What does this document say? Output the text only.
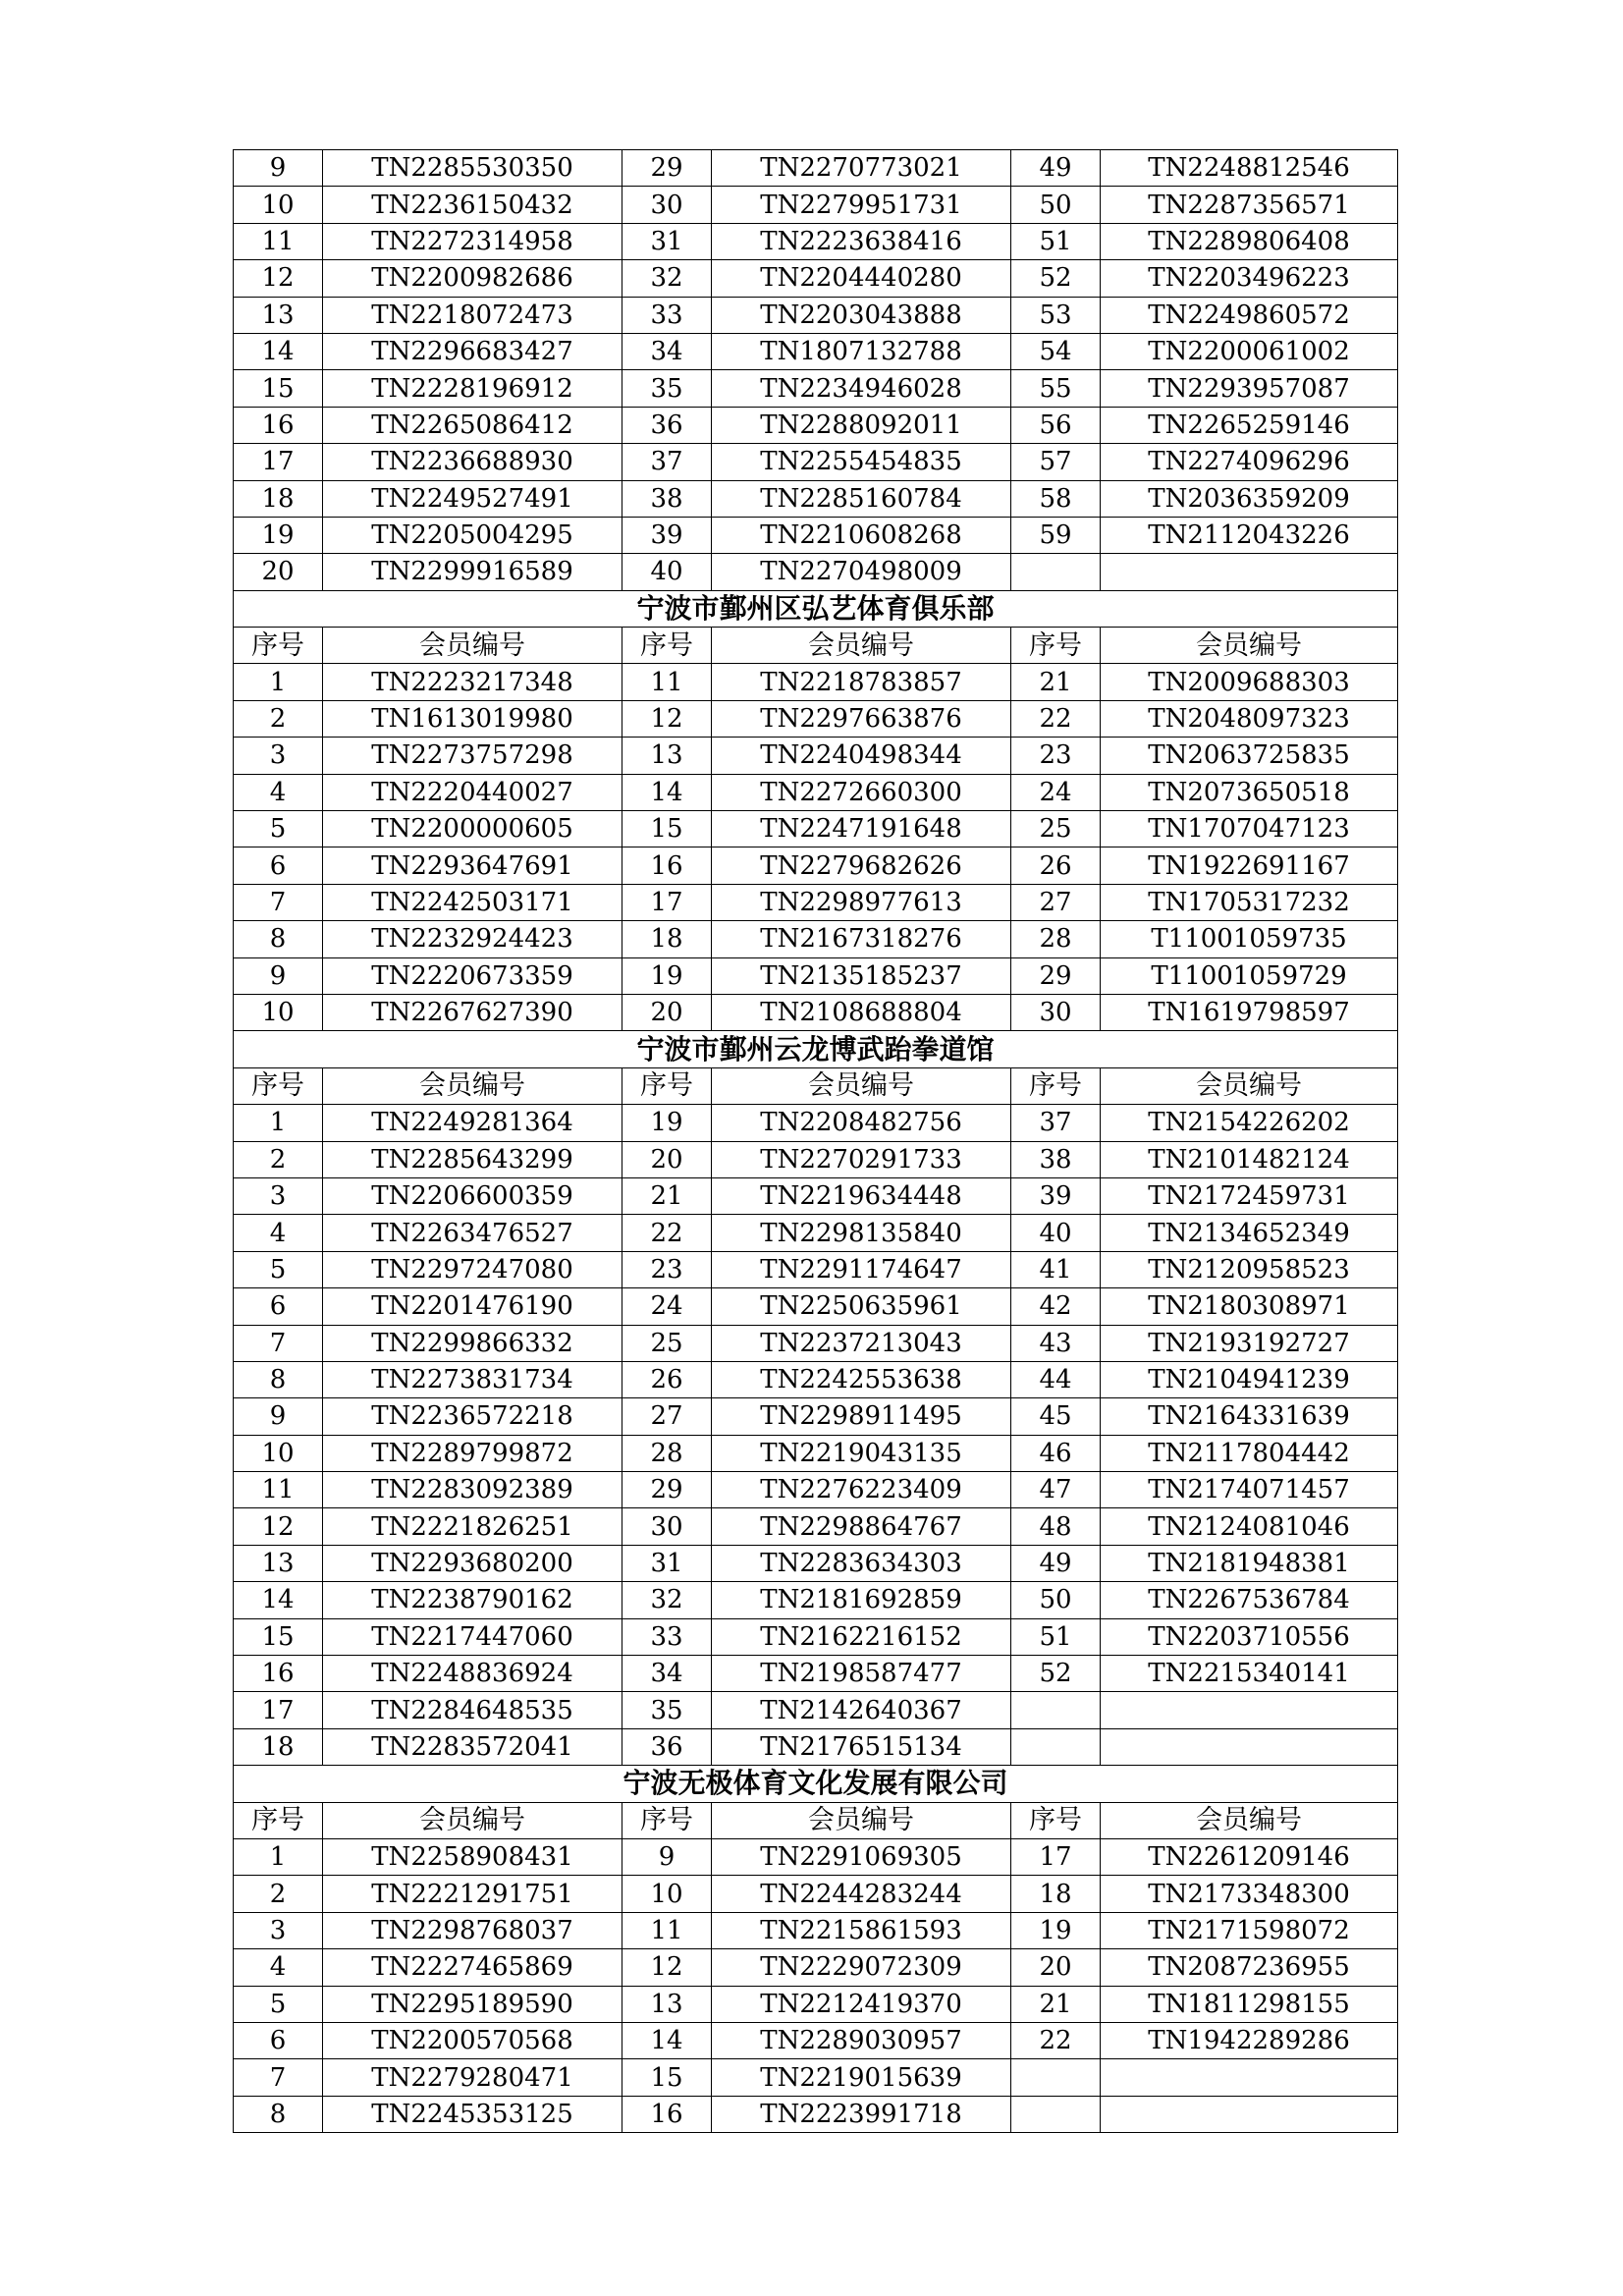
9	TN2285530350	29	TN2270773021	49	TN2248812546
10	TN2236150432	30	TN2279951731	50	TN2287356571
11	TN2272314958	31	TN2223638416	51	TN2289806408
12	TN2200982686	32	TN2204440280	52	TN2203496223
13	TN2218072473	33	TN2203043888	53	TN2249860572
14	TN2296683427	34	TN1807132788	54	TN2200061002
15	TN2228196912	35	TN2234946028	55	TN2293957087
16	TN2265086412	36	TN2288092011	56	TN2265259146
17	TN2236688930	37	TN2255454835	57	TN2274096296
18	TN2249527491	38	TN2285160784	58	TN2036359209
19	TN2205004295	39	TN2210608268	59	TN2112043226
20	TN2299916589	40	TN2270498009		
宁波市鄞州区弘艺体育俱乐部					
序号	会员编号	序号	会员编号	序号	会员编号
1	TN2223217348	11	TN2218783857	21	TN2009688303
2	TN1613019980	12	TN2297663876	22	TN2048097323
3	TN2273757298	13	TN2240498344	23	TN2063725835
4	TN2220440027	14	TN2272660300	24	TN2073650518
5	TN2200000605	15	TN2247191648	25	TN1707047123
6	TN2293647691	16	TN2279682626	26	TN1922691167
7	TN2242503171	17	TN2298977613	27	TN1705317232
8	TN2232924423	18	TN2167318276	28	T11001059735
9	TN2220673359	19	TN2135185237	29	T11001059729
10	TN2267627390	20	TN2108688804	30	TN1619798597
宁波市鄞州云龙博武跆拳道馆					
序号	会员编号	序号	会员编号	序号	会员编号
1	TN2249281364	19	TN2208482756	37	TN2154226202
2	TN2285643299	20	TN2270291733	38	TN2101482124
3	TN2206600359	21	TN2219634448	39	TN2172459731
4	TN2263476527	22	TN2298135840	40	TN2134652349
5	TN2297247080	23	TN2291174647	41	TN2120958523
6	TN2201476190	24	TN2250635961	42	TN2180308971
7	TN2299866332	25	TN2237213043	43	TN2193192727
8	TN2273831734	26	TN2242553638	44	TN2104941239
9	TN2236572218	27	TN2298911495	45	TN2164331639
10	TN2289799872	28	TN2219043135	46	TN2117804442
11	TN2283092389	29	TN2276223409	47	TN2174071457
12	TN2221826251	30	TN2298864767	48	TN2124081046
13	TN2293680200	31	TN2283634303	49	TN2181948381
14	TN2238790162	32	TN2181692859	50	TN2267536784
15	TN2217447060	33	TN2162216152	51	TN2203710556
16	TN2248836924	34	TN2198587477	52	TN2215340141
17	TN2284648535	35	TN2142640367		
18	TN2283572041	36	TN2176515134		
宁波无极体育文化发展有限公司					
序号	会员编号	序号	会员编号	序号	会员编号
1	TN2258908431	9	TN2291069305	17	TN2261209146
2	TN2221291751	10	TN2244283244	18	TN2173348300
3	TN2298768037	11	TN2215861593	19	TN2171598072
4	TN2227465869	12	TN2229072309	20	TN2087236955
5	TN2295189590	13	TN2212419370	21	TN1811298155
6	TN2200570568	14	TN2289030957	22	TN1942289286
7	TN2279280471	15	TN2219015639		
8	TN2245353125	16	TN2223991718		
